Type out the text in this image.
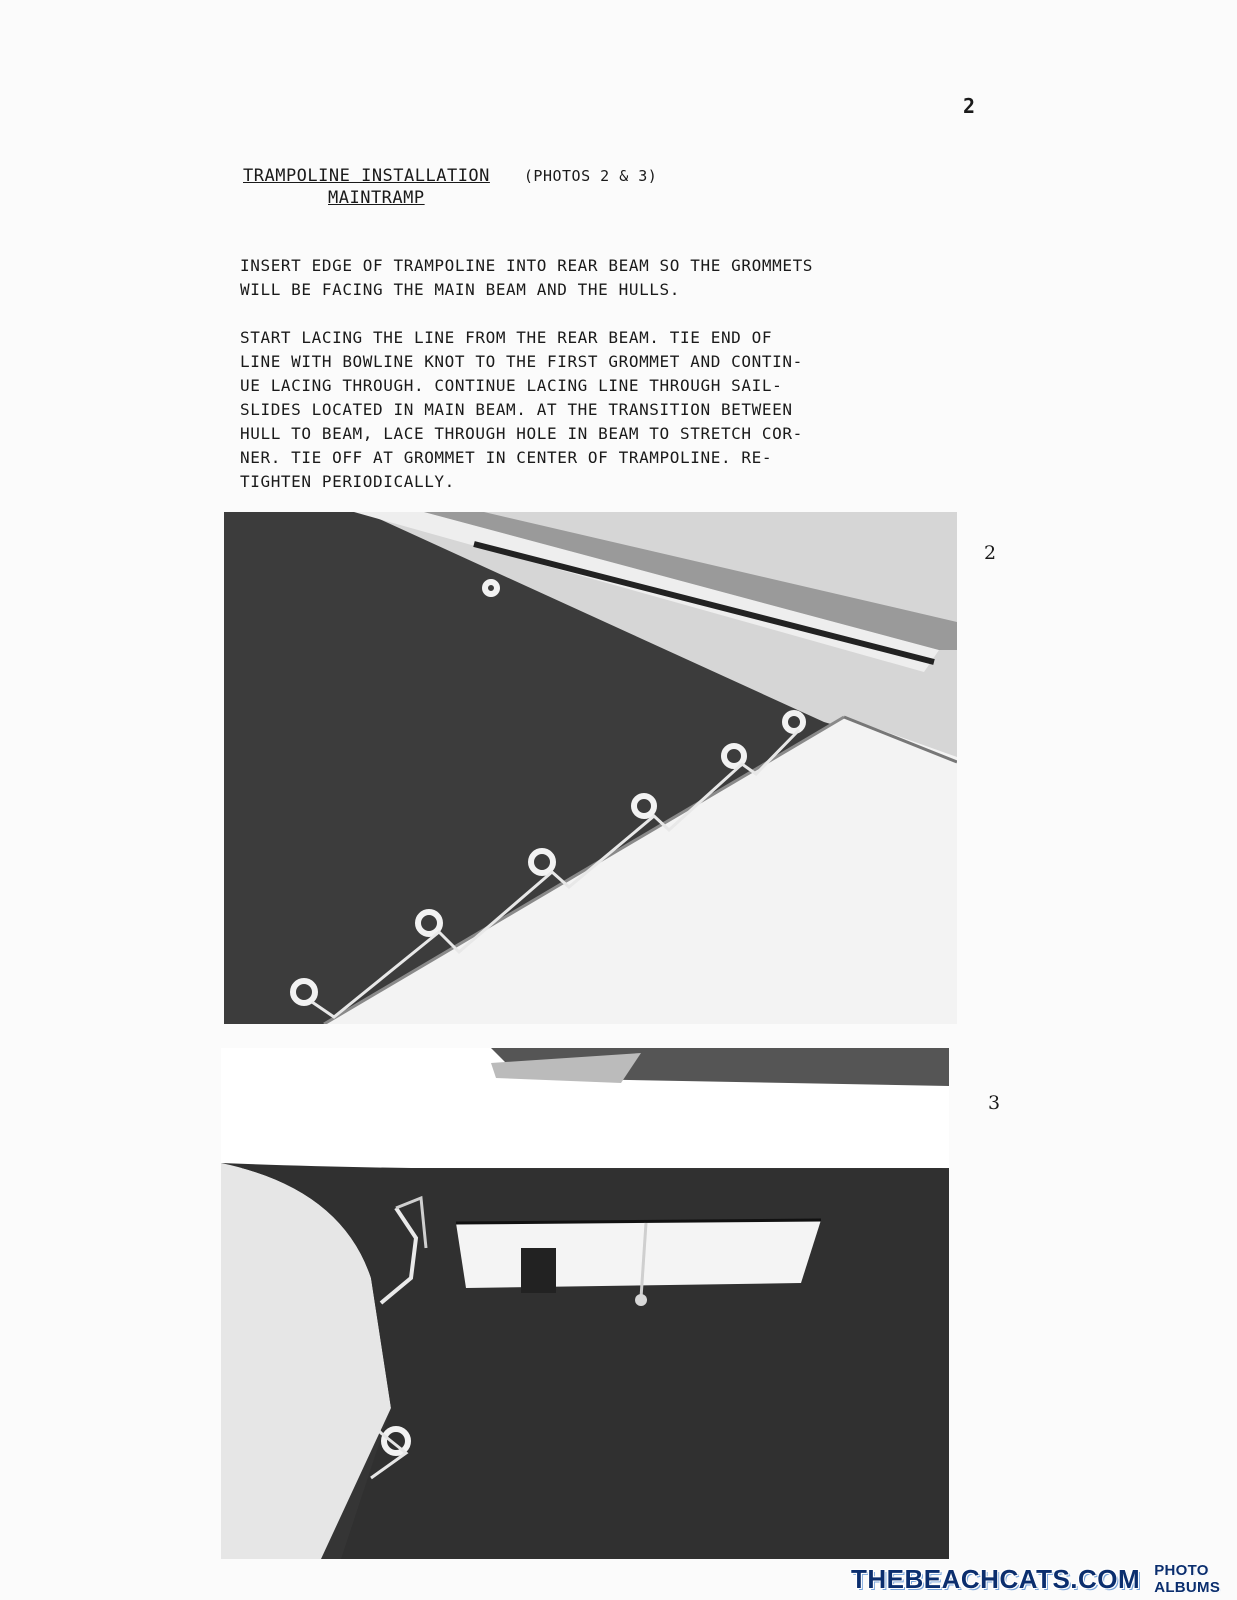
2
TRAMPOLINE INSTALLATION (PHOTOS 2 & 3)
MAINTRAMP

INSERT EDGE OF TRAMPOLINE INTO REAR BEAM SO THE GROMMETS
WILL BE FACING THE MAIN BEAM AND THE HULLS.

START LACING THE LINE FROM THE REAR BEAM. TIE END OF
LINE WITH BOWLINE KNOT TO THE FIRST GROMMET AND CONTIN-
UE LACING THROUGH. CONTINUE LACING LINE THROUGH SAIL-
SLIDES LOCATED IN MAIN BEAM. AT THE TRANSITION BETWEEN
HULL TO BEAM, LACE THROUGH HOLE IN BEAM TO STRETCH COR-
NER. TIE OFF AT GROMMET IN CENTER OF TRAMPOLINE. RE-
TIGHTEN PERIODICALLY.

2
3
THEBEACHCATS.COM PHOTO ALBUMS
